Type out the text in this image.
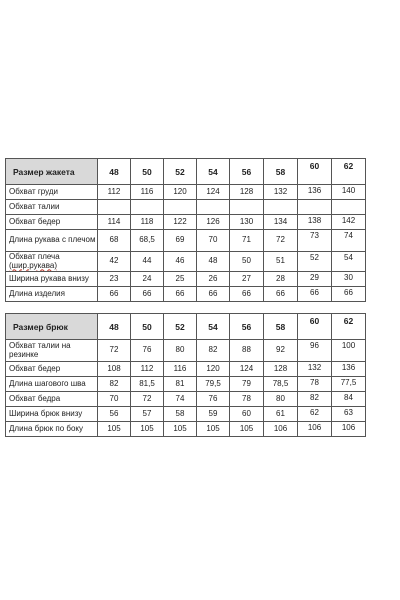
Размер жакета	48	50	52	54	56	58	60	62
Обхват груди	112	116	120	124	128	132	136	140
Обхват талии								
Обхват бедер	114	118	122	126	130	134	138	142
Длина рукава с плечом	68	68,5	69	70	71	72	73	74
Обхват плеча
(шир.рукава)	42	44	46	48	50	51	52	54
Ширина рукава внизу	23	24	25	26	27	28	29	30
Длина изделия	66	66	66	66	66	66	66	66
Размер брюк	48	50	52	54	56	58	60	62
Обхват талии на резинке	72	76	80	82	88	92	96	100
Обхват бедер	108	112	116	120	124	128	132	136
Длина шагового шва	82	81,5	81	79,5	79	78,5	78	77,5
Обхват бедра	70	72	74	76	78	80	82	84
Ширина брюк внизу	56	57	58	59	60	61	62	63
Длина брюк по боку	105	105	105	105	105	106	106	106
